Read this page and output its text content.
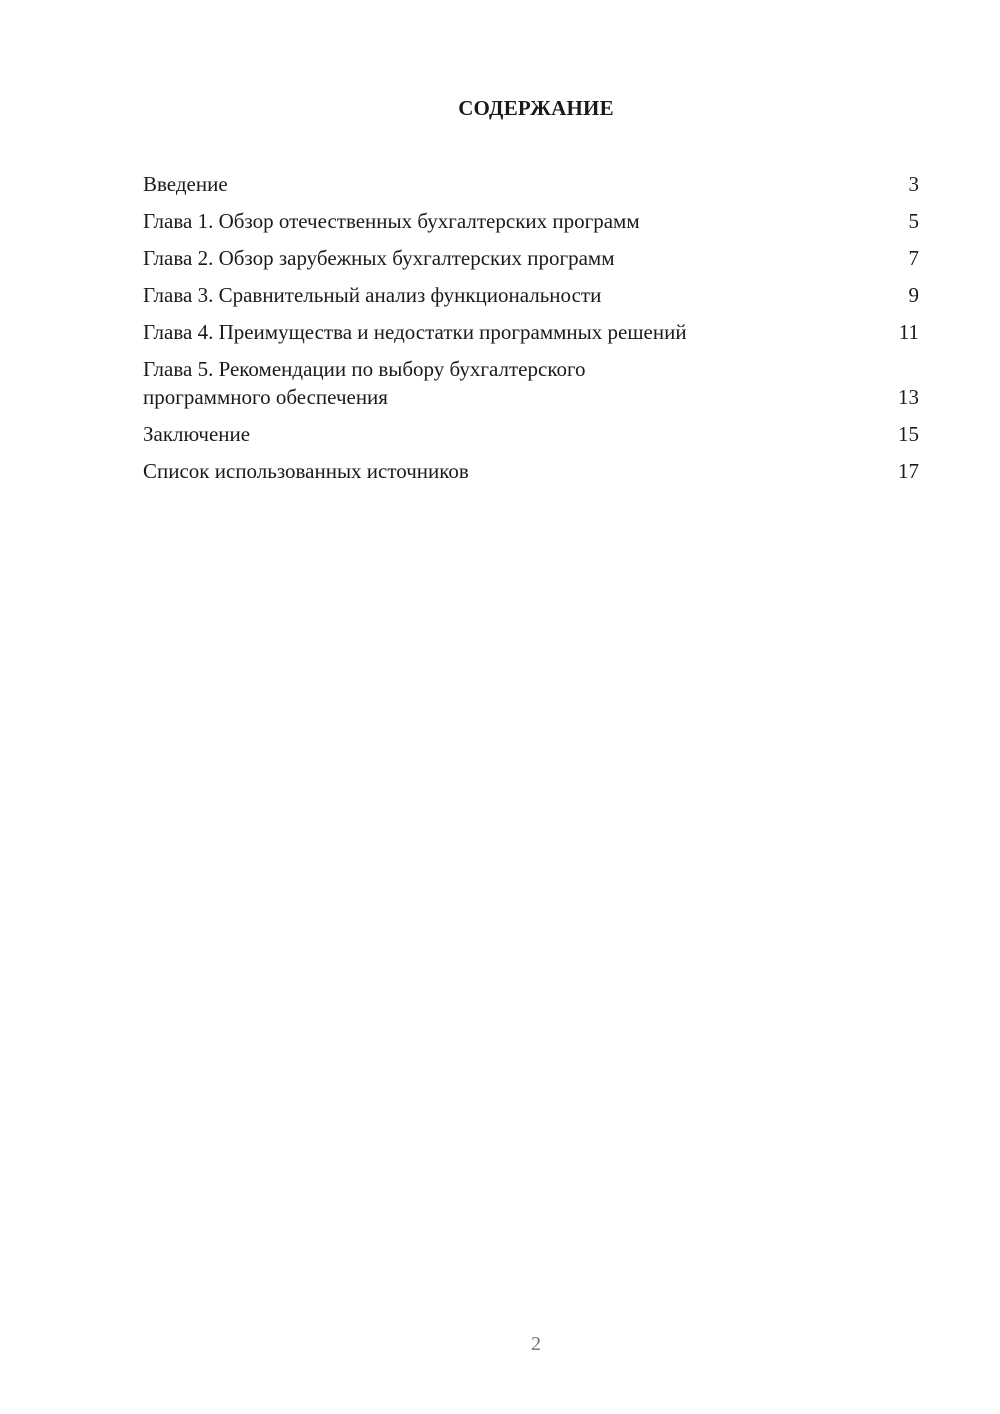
СОДЕРЖАНИЕ
Введение	3
Глава 1. Обзор отечественных бухгалтерских программ	5
Глава 2. Обзор зарубежных бухгалтерских программ	7
Глава 3. Сравнительный анализ функциональности	9
Глава 4. Преимущества и недостатки программных решений	11
Глава 5. Рекомендации по выбору бухгалтерского программного обеспечения	13
Заключение	15
Список использованных источников	17
2
